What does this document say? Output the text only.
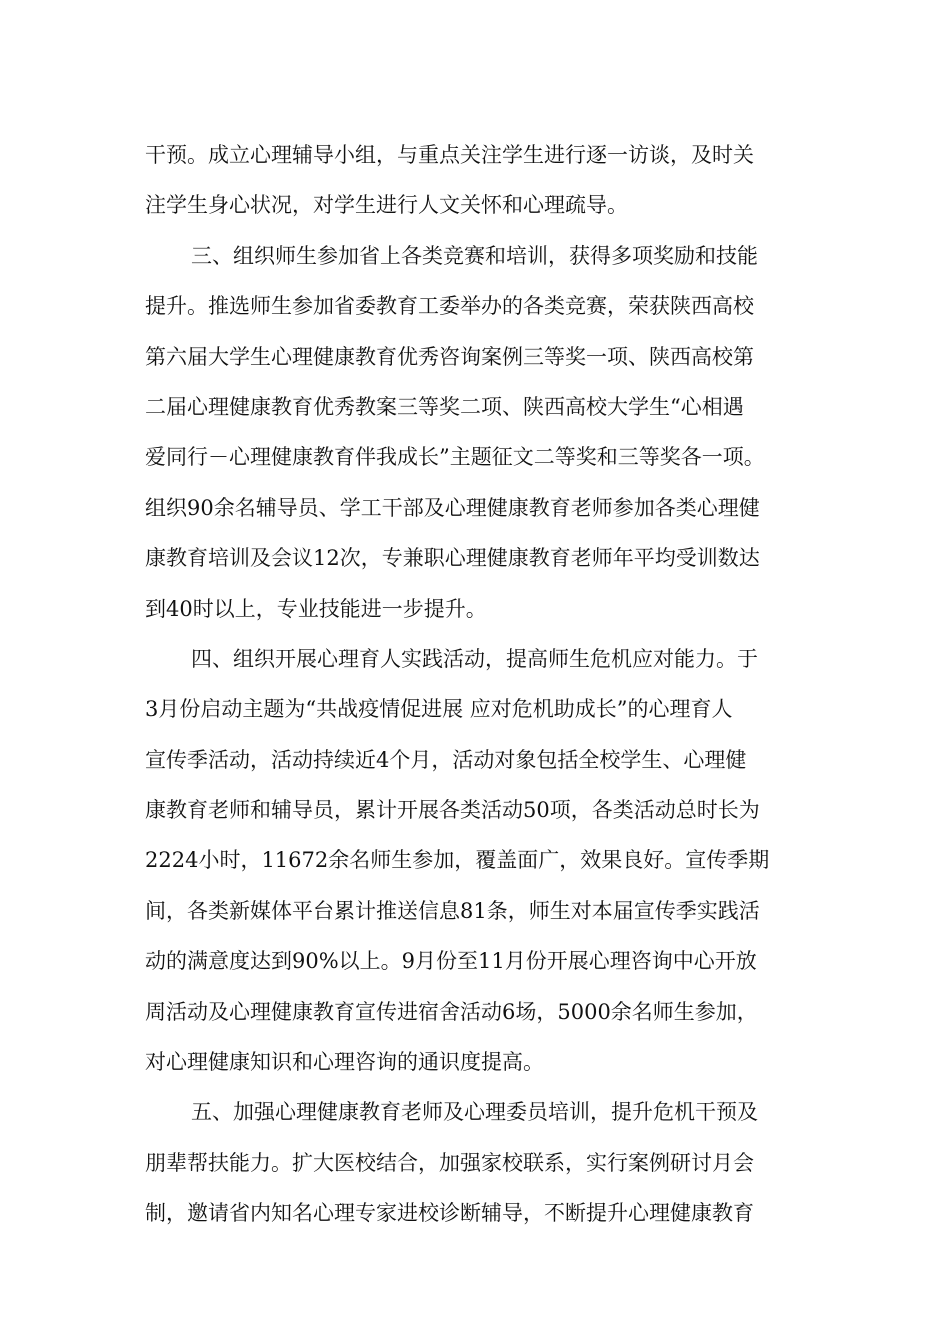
干预。成立心理辅导小组，与重点关注学生进行逐一访谈，及时关
注学生身心状况，对学生进行人文关怀和心理疏导。
三、组织师生参加省上各类竞赛和培训，获得多项奖励和技能
提升。推选师生参加省委教育工委举办的各类竞赛，荣获陕西高校
第六届大学生心理健康教育优秀咨询案例三等奖一项、陕西高校第
二届心理健康教育优秀教案三等奖二项、陕西高校大学生“心相遇
爱同行－心理健康教育伴我成长”主题征文二等奖和三等奖各一项。
组织90余名辅导员、学工干部及心理健康教育老师参加各类心理健
康教育培训及会议12次，专兼职心理健康教育老师年平均受训数达
到40时以上，专业技能进一步提升。
四、组织开展心理育人实践活动，提高师生危机应对能力。于
3月份启动主题为“共战疫情促进展 应对危机助成长”的心理育人
宣传季活动，活动持续近4个月，活动对象包括全校学生、心理健
康教育老师和辅导员，累计开展各类活动50项，各类活动总时长为
2224小时，11672余名师生参加，覆盖面广，效果良好。宣传季期
间，各类新媒体平台累计推送信息81条，师生对本届宣传季实践活
动的满意度达到90%以上。9月份至11月份开展心理咨询中心开放
周活动及心理健康教育宣传进宿舍活动6场，5000余名师生参加，
对心理健康知识和心理咨询的通识度提高。
五、加强心理健康教育老师及心理委员培训，提升危机干预及
朋辈帮扶能力。扩大医校结合，加强家校联系，实行案例研讨月会
制，邀请省内知名心理专家进校诊断辅导，不断提升心理健康教育
